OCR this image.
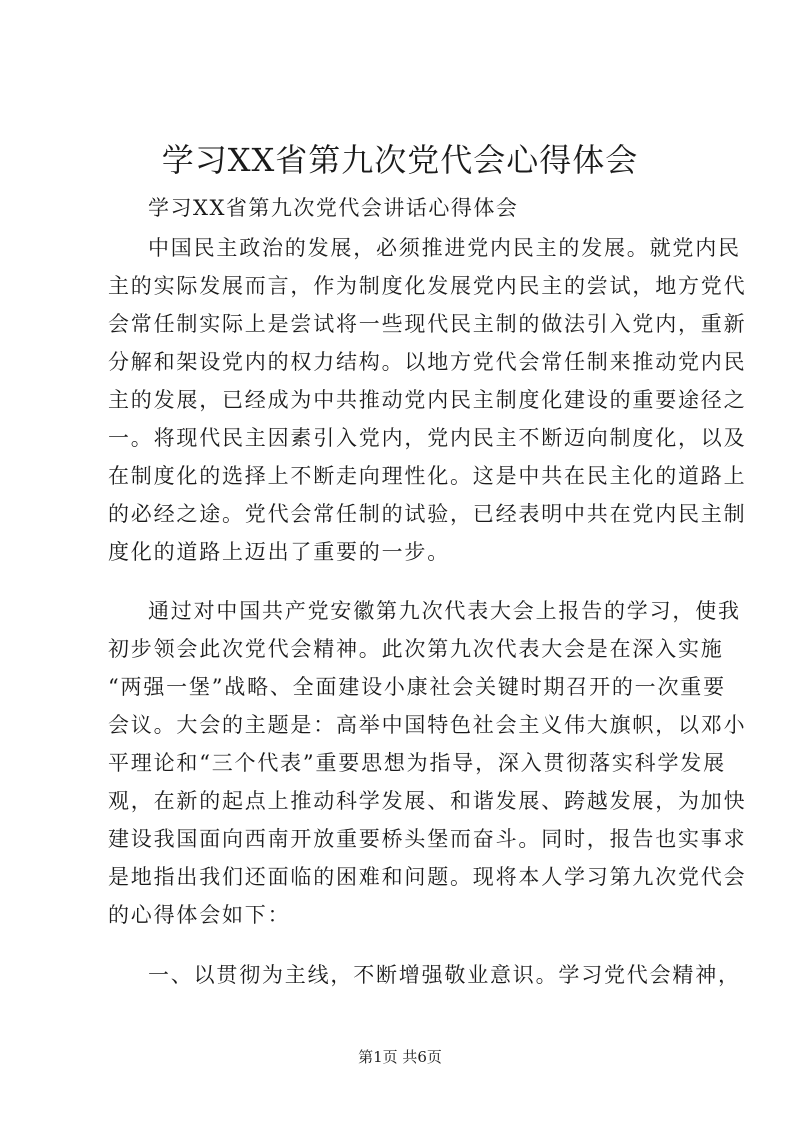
学习XX省第九次党代会心得体会
学习XX省第九次党代会讲话心得体会
中国民主政治的发展，必须推进党内民主的发展。就党内民
主的实际发展而言，作为制度化发展党内民主的尝试，地方党代
会常任制实际上是尝试将一些现代民主制的做法引入党内，重新
分解和架设党内的权力结构。以地方党代会常任制来推动党内民
主的发展，已经成为中共推动党内民主制度化建设的重要途径之
一。将现代民主因素引入党内，党内民主不断迈向制度化，以及
在制度化的选择上不断走向理性化。这是中共在民主化的道路上
的必经之途。党代会常任制的试验，已经表明中共在党内民主制
度化的道路上迈出了重要的一步。
通过对中国共产党安徽第九次代表大会上报告的学习，使我
初步领会此次党代会精神。此次第九次代表大会是在深入实施
“两强一堡”战略、全面建设小康社会关键时期召开的一次重要
会议。大会的主题是：高举中国特色社会主义伟大旗帜，以邓小
平理论和“三个代表”重要思想为指导，深入贯彻落实科学发展
观，在新的起点上推动科学发展、和谐发展、跨越发展，为加快
建设我国面向西南开放重要桥头堡而奋斗。同时，报告也实事求
是地指出我们还面临的困难和问题。现将本人学习第九次党代会
的心得体会如下：
一、以贯彻为主线，不断增强敬业意识。学习党代会精神，
第1页 共6页
